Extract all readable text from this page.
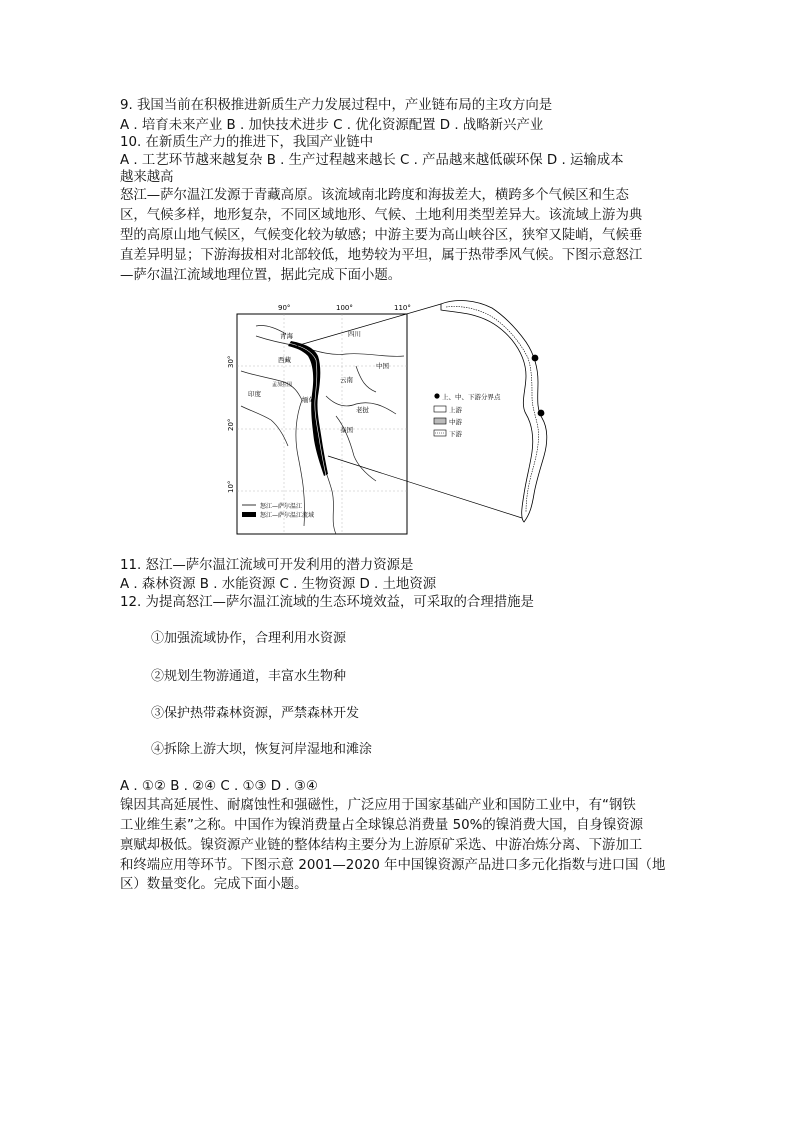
9. 我国当前在积极推进新质生产力发展过程中，产业链布局的主攻方向是
A . 培育未来产业 B . 加快技术进步 C . 优化资源配置 D . 战略新兴产业
10. 在新质生产力的推进下，我国产业链中
A . 工艺环节越来越复杂 B . 生产过程越来越长 C . 产品越来越低碳环保 D . 运输成本
越来越高
怒江—萨尔温江发源于青藏高原。该流域南北跨度和海拔差大，横跨多个气候区和生态
区，气候多样，地形复杂，不同区域地形、气候、土地利用类型差异大。该流域上游为典
型的高原山地气候区，气候变化较为敏感；中游主要为高山峡谷区，狭窄又陡峭，气候垂
直差异明显；下游海拔相对北部较低，地势较为平坦，属于热带季风气候。下图示意怒江
—萨尔温江流域地理位置，据此完成下面小题。
90°	100°	110°
30°
20°
10°
青海	四川
西藏
中国
云南
印度
缅甸
老挝
泰国
孟加拉国
怒江—萨尔温江
怒江—萨尔温江流域
上、中、下游分界点
上游
中游
下游
11. 怒江—萨尔温江流域可开发利用的潜力资源是
A . 森林资源 B . 水能资源 C . 生物资源 D . 土地资源
12. 为提高怒江—萨尔温江流域的生态环境效益，可采取的合理措施是
①加强流域协作，合理利用水资源
②规划生物游通道，丰富水生物种
③保护热带森林资源，严禁森林开发
④拆除上游大坝，恢复河岸湿地和滩涂
A . ①② B . ②④ C . ①③ D . ③④
镍因其高延展性、耐腐蚀性和强磁性，广泛应用于国家基础产业和国防工业中，有“钢铁
工业维生素”之称。中国作为镍消费量占全球镍总消费量 50%的镍消费大国，自身镍资源
禀赋却极低。镍资源产业链的整体结构主要分为上游原矿采选、中游冶炼分离、下游加工
和终端应用等环节。下图示意 2001—2020 年中国镍资源产品进口多元化指数与进口国（地
区）数量变化。完成下面小题。
